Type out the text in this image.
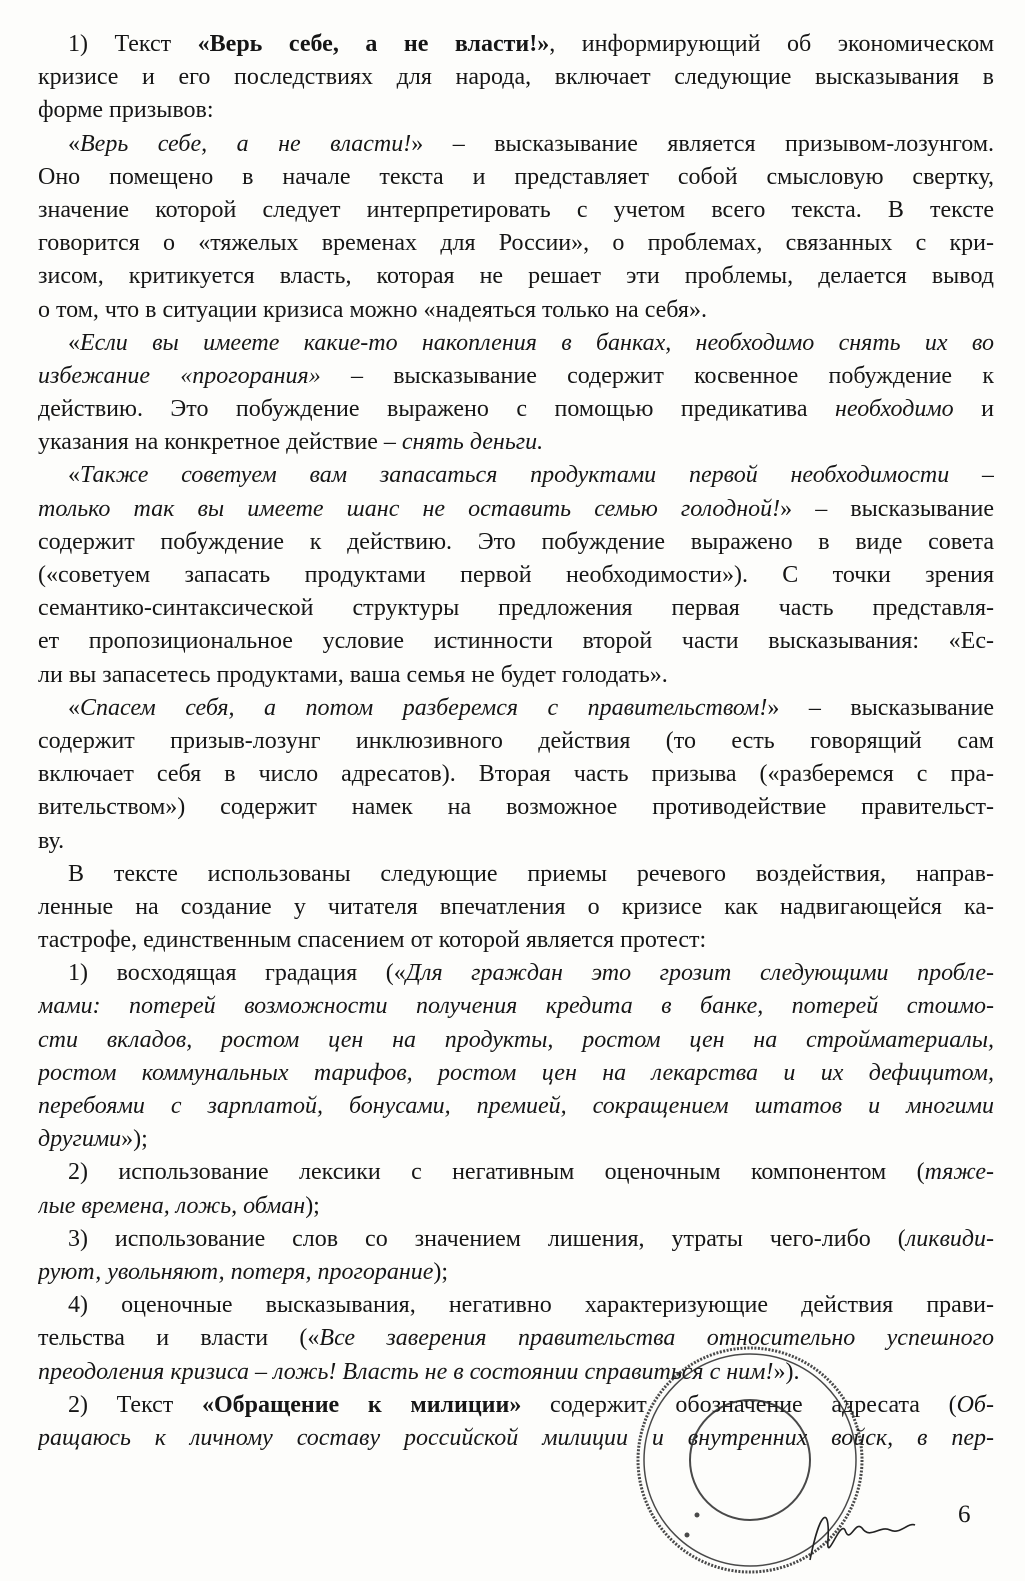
1) Текст «Верь себе, а не власти!», информирующий об экономическом
кризисе и его последствиях для народа, включает следующие высказывания в
форме призывов:
«Верь себе, а не власти!» – высказывание является призывом-лозунгом.
Оно помещено в начале текста и представляет собой смысловую свертку,
значение которой следует интерпретировать с учетом всего текста. В тексте
говорится о «тяжелых временах для России», о проблемах, связанных с кри-
зисом, критикуется власть, которая не решает эти проблемы, делается вывод
о том, что в ситуации кризиса можно «надеяться только на себя».
«Если вы имеете какие-то накопления в банках, необходимо снять их во
избежание «прогорания» – высказывание содержит косвенное побуждение к
действию. Это побуждение выражено с помощью предикатива необходимо и
указания на конкретное действие – снять деньги.
«Также советуем вам запасаться продуктами первой необходимости –
только так вы имеете шанс не оставить семью голодной!» – высказывание
содержит побуждение к действию. Это побуждение выражено в виде совета
(«советуем запасать продуктами первой необходимости»). С точки зрения
семантико-синтаксической структуры предложения первая часть представля-
ет пропозициональное условие истинности второй части высказывания: «Ес-
ли вы запасетесь продуктами, ваша семья не будет голодать».
«Спасем себя, а потом разберемся с правительством!» – высказывание
содержит призыв-лозунг инклюзивного действия (то есть говорящий сам
включает себя в число адресатов). Вторая часть призыва («разберемся с пра-
вительством») содержит намек на возможное противодействие правительст-
ву.
В тексте использованы следующие приемы речевого воздействия, направ-
ленные на создание у читателя впечатления о кризисе как надвигающейся ка-
тастрофе, единственным спасением от которой является протест:
1) восходящая градация («Для граждан это грозит следующими пробле-
мами: потерей возможности получения кредита в банке, потерей стоимо-
сти вкладов, ростом цен на продукты, ростом цен на стройматериалы,
ростом коммунальных тарифов, ростом цен на лекарства и их дефицитом,
перебоями с зарплатой, бонусами, премией, сокращением штатов и многими
другими»);
2) использование лексики с негативным оценочным компонентом (тяже-
лые времена, ложь, обман);
3) использование слов со значением лишения, утраты чего-либо (ликвиди-
руют, увольняют, потеря, прогорание);
4) оценочные высказывания, негативно характеризующие действия прави-
тельства и власти («Все заверения правительства относительно успешного
преодоления кризиса – ложь! Власть не в состоянии справиться с ним!»).
2) Текст «Обращение к милиции» содержит обозначение адресата (Об-
ращаюсь к личному составу российской милиции и внутренних войск, в пер-
6
